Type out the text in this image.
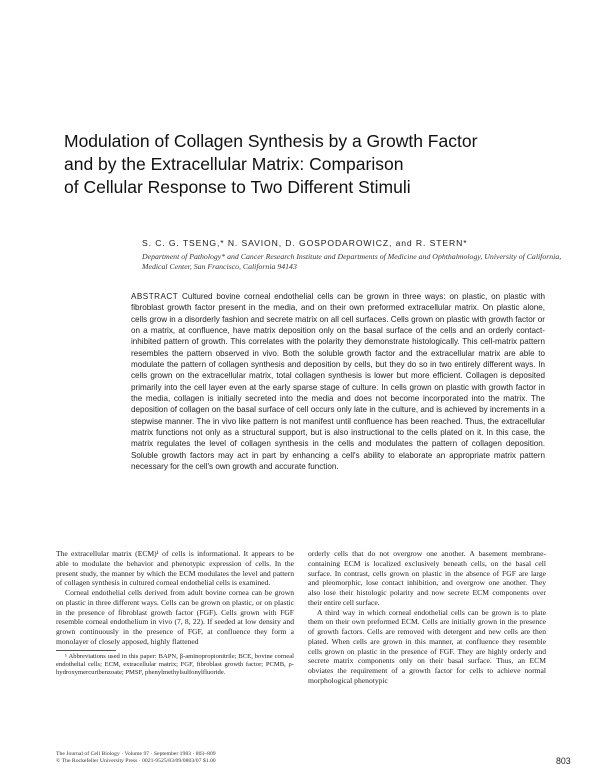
Modulation of Collagen Synthesis by a Growth Factor
and by the Extracellular Matrix: Comparison
of Cellular Response to Two Different Stimuli
S. C. G. TSENG,* N. SAVION, D. GOSPODAROWICZ, and R. STERN*
Department of Pathology* and Cancer Research Institute and Departments of Medicine and Ophthalmology, University of California, Medical Center, San Francisco, California 94143
ABSTRACT Cultured bovine corneal endothelial cells can be grown in three ways: on plastic, on plastic with fibroblast growth factor present in the media, and on their own preformed extracellular matrix. On plastic alone, cells grow in a disorderly fashion and secrete matrix on all cell surfaces. Cells grown on plastic with growth factor or on a matrix, at confluence, have matrix deposition only on the basal surface of the cells and an orderly contact-inhibited pattern of growth. This correlates with the polarity they demonstrate histologically. This cell-matrix pattern resembles the pattern observed in vivo. Both the soluble growth factor and the extracellular matrix are able to modulate the pattern of collagen synthesis and deposition by cells, but they do so in two entirely different ways. In cells grown on the extracellular matrix, total collagen synthesis is lower but more efficient. Collagen is deposited primarily into the cell layer even at the early sparse stage of culture. In cells grown on plastic with growth factor in the media, collagen is initially secreted into the media and does not become incorporated into the matrix. The deposition of collagen on the basal surface of cell occurs only late in the culture, and is achieved by increments in a stepwise manner. The in vivo like pattern is not manifest until confluence has been reached. Thus, the extracellular matrix functions not only as a structural support, but is also instructional to the cells plated on it. In this case, the matrix regulates the level of collagen synthesis in the cells and modulates the pattern of collagen deposition. Soluble growth factors may act in part by enhancing a cell's ability to elaborate an appropriate matrix pattern necessary for the cell's own growth and accurate function.

The extracellular matrix (ECM)¹ of cells is informational. It appears to be able to modulate the behavior and phenotypic expression of cells. In the present study, the manner by which the ECM modulates the level and pattern of collagen synthesis in cultured corneal endothelial cells is examined.

Corneal endothelial cells derived from adult bovine cornea can be grown on plastic in three different ways. Cells can be grown on plastic, or on plastic in the presence of fibroblast growth factor (FGF). Cells grown with FGF resemble corneal endothelium in vivo (7, 8, 22). If seeded at low density and grown continuously in the presence of FGF, at confluence they form a monolayer of closely apposed, highly flattened

¹ Abbreviations used in this paper: BAPN, β-aminopropionitrile; BCE, bovine corneal endothelial cells; ECM, extracellular matrix; FGF, fibroblast growth factor; PCMB, ρ-hydroxymercuribenzoate; PMSF, phenylmethylsulfonylfluoride.

orderly cells that do not overgrow one another. A basement membrane-containing ECM is localized exclusively beneath cells, on the basal cell surface. In contrast, cells grown on plastic in the absence of FGF are large and pleomorphic, lose contact inhibition, and overgrow one another. They also lose their histologic polarity and now secrete ECM components over their entire cell surface.

A third way in which corneal endothelial cells can be grown is to plate them on their own preformed ECM. Cells are initially grown in the presence of growth factors. Cells are removed with detergent and new cells are then plated. When cells are grown in this manner, at confluence they resemble cells grown on plastic in the presence of FGF. They are highly orderly and secrete matrix components only on their basal surface. Thus, an ECM obviates the requirement of a growth factor for cells to achieve normal morphological phenotypic

The Journal of Cell Biology · Volume 97 · September 1983 · 803–809
© The Rockefeller University Press · 0021-9525/83/09/0803/07 $1.00	803
